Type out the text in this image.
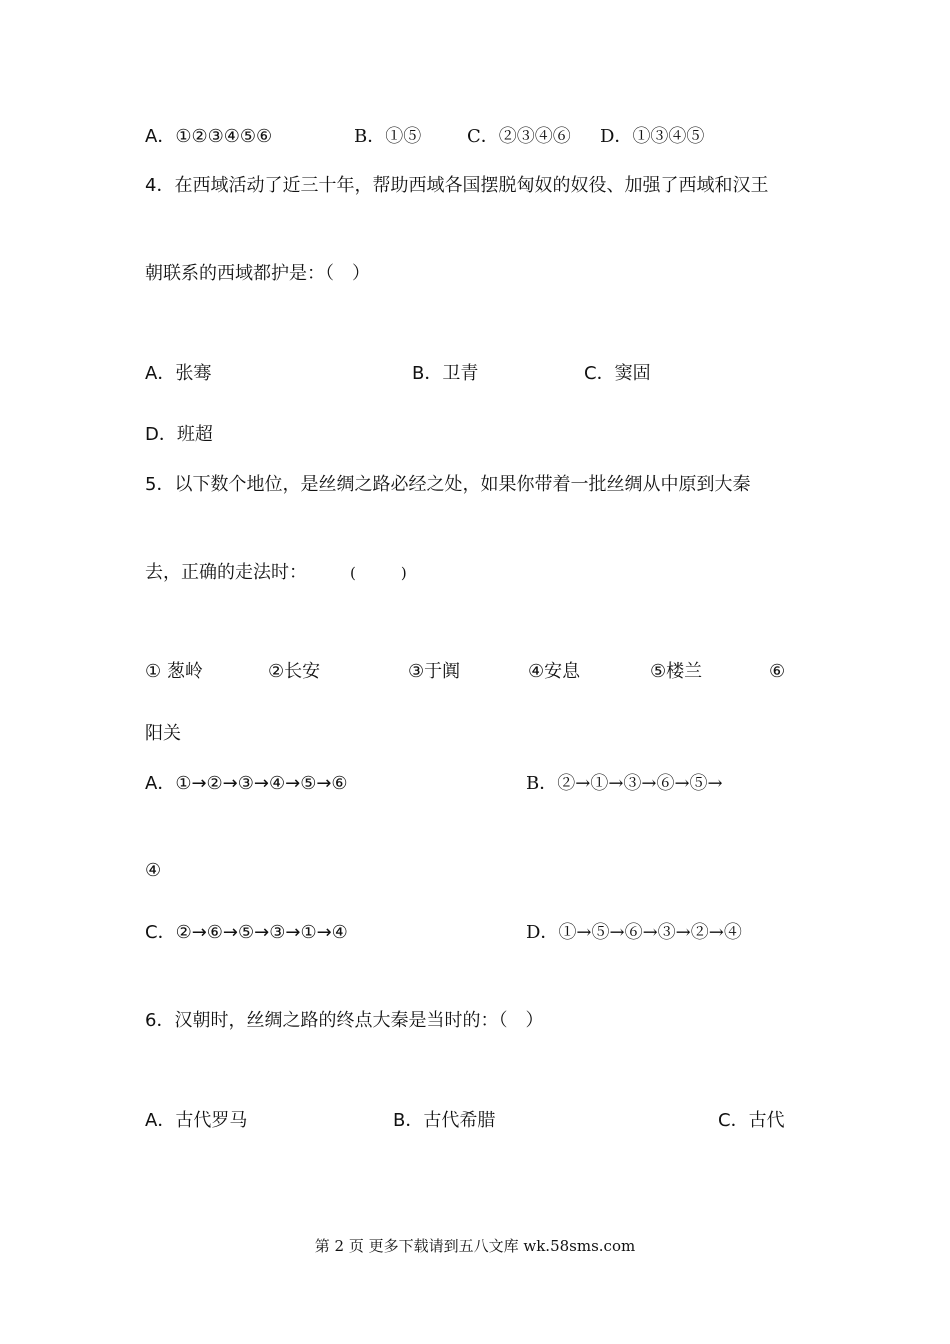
A．①②③④⑤⑥	B．①⑤	C．②③④⑥ D．①③④⑤
4．在西域活动了近三十年，帮助西域各国摆脱匈奴的奴役、加强了西域和汉王
朝联系的西域都护是：（　）
A．张骞	B．卫青	C．窦固
D．班超
5．以下数个地位，是丝绸之路必经之处，如果你带着一批丝绸从中原到大秦
去，正确的走法时：	(　　　)
① 葱岭	②长安	③于阗	④安息	⑤楼兰	⑥
阳关
A．①→②→③→④→⑤→⑥	B．②→①→③→⑥→⑤→
④
C．②→⑥→⑤→③→①→④	D．①→⑤→⑥→③→②→④
6．汉朝时，丝绸之路的终点大秦是当时的：（　）
A．古代罗马	B．古代希腊	C．古代
第 2 页 更多下载请到五八文库 wk.58sms.com
